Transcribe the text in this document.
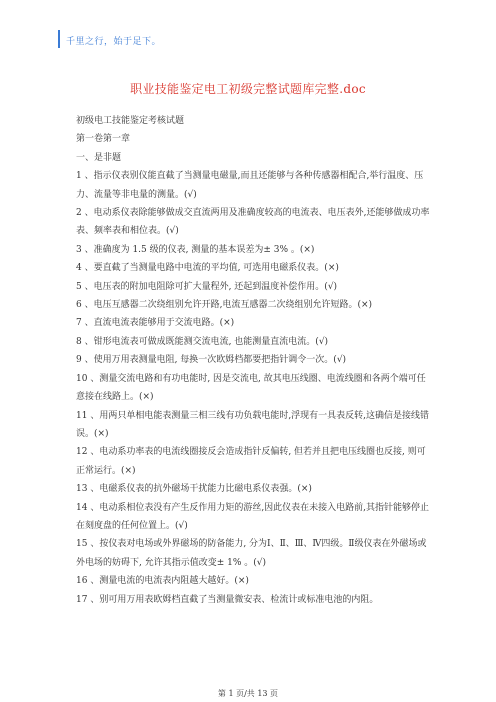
千里之行，始于足下。
职业技能鉴定电工初级完整试题库完整.doc

初级电工技能鉴定考核试题

第一卷第一章

一、是非题

1 、指示仪表别仪能直截了当测量电磁量,而且还能够与各种传感器相配合,举行温度、压力、流量等非电量的测量。(√)

2 、电动系仪表除能够做成交直流两用及准确度较高的电流表、电压表外,还能够做成功率表、频率表和相位表。(√)

3 、准确度为 1.5 级的仪表, 测量的基本误差为± 3% 。(×)

4 、要直截了当测量电路中电流的平均值, 可选用电磁系仪表。(×)

5 、电压表的附加电阻除可扩大量程外, 还起到温度补偿作用。(√)

6 、电压互感器二次绕组别允许开路,电流互感器二次绕组别允许短路。(×)

7 、直流电流表能够用于交流电路。(×)

8 、钳形电流表可做成既能测交流电流, 也能测量直流电流。(√)

9 、使用万用表测量电阻, 每换一次欧姆档都要把指针调令一次。(√)

10 、测量交流电路和有功电能时, 因是交流电, 故其电压线圈、电流线圈和各两个端可任意接在线路上。(×)

11 、用两只单相电能表测量三相三线有功负载电能时,浮现有一具表反转,这确信是接线错误。(×)

12 、电动系功率表的电流线圈接反会造成指针反偏转, 但若并且把电压线圈也反接, 则可正常运行。(×)

13 、电磁系仪表的抗外磁场干扰能力比磁电系仪表强。(×)

14 、电动系相位表没有产生反作用力矩的游丝,因此仪表在未接入电路前,其指针能够停止在刻度盘的任何位置上。(√)

15 、按仪表对电场或外界磁场的防备能力, 分为Ⅰ、Ⅱ、Ⅲ、Ⅳ四级。Ⅱ级仪表在外磁场或外电场的妨碍下, 允许其指示值改变± 1% 。(√)

16 、测量电流的电流表内阻越大越好。(×)

17 、别可用万用表欧姆档直截了当测量微安表、检流计或标准电池的内阻。

第 1 页/共 13 页
